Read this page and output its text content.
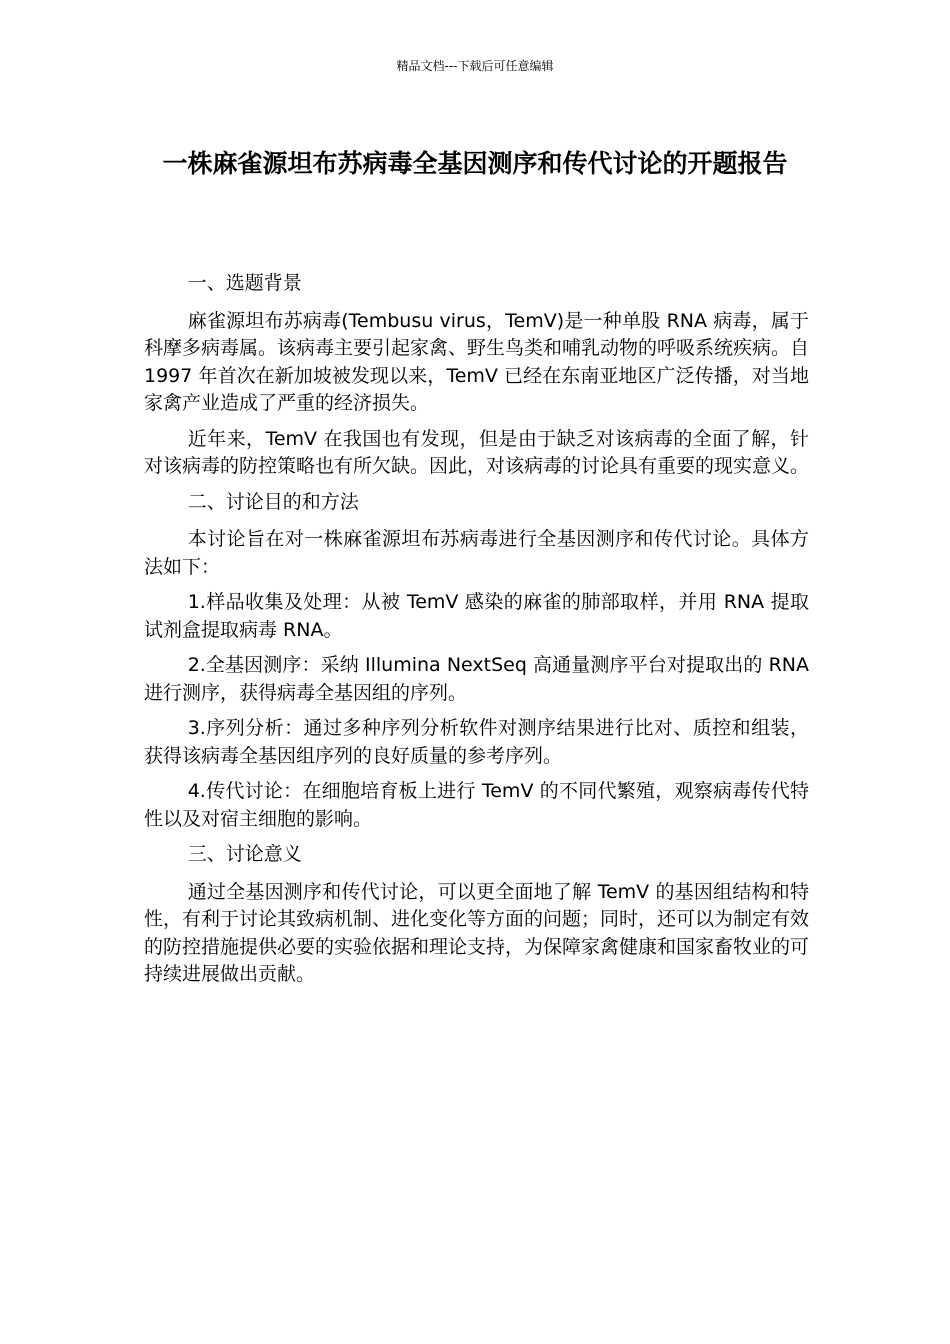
精品文档---下载后可任意编辑
一株麻雀源坦布苏病毒全基因测序和传代讨论的开题报告

一、选题背景

麻雀源坦布苏病毒(Tembusu virus，TemV)是一种单股 RNA 病毒，属于科摩多病毒属。该病毒主要引起家禽、野生鸟类和哺乳动物的呼吸系统疾病。自 1997 年首次在新加坡被发现以来，TemV 已经在东南亚地区广泛传播，对当地家禽产业造成了严重的经济损失。

近年来，TemV 在我国也有发现，但是由于缺乏对该病毒的全面了解，针对该病毒的防控策略也有所欠缺。因此，对该病毒的讨论具有重要的现实意义。

二、讨论目的和方法

本讨论旨在对一株麻雀源坦布苏病毒进行全基因测序和传代讨论。具体方法如下：

1.样品收集及处理：从被 TemV 感染的麻雀的肺部取样，并用 RNA 提取试剂盒提取病毒 RNA。

2.全基因测序：采纳 Illumina NextSeq 高通量测序平台对提取出的 RNA 进行测序，获得病毒全基因组的序列。

3.序列分析：通过多种序列分析软件对测序结果进行比对、质控和组装，获得该病毒全基因组序列的良好质量的参考序列。

4.传代讨论：在细胞培育板上进行 TemV 的不同代繁殖，观察病毒传代特性以及对宿主细胞的影响。

三、讨论意义

通过全基因测序和传代讨论，可以更全面地了解 TemV 的基因组结构和特性，有利于讨论其致病机制、进化变化等方面的问题；同时，还可以为制定有效的防控措施提供必要的实验依据和理论支持，为保障家禽健康和国家畜牧业的可持续进展做出贡献。
